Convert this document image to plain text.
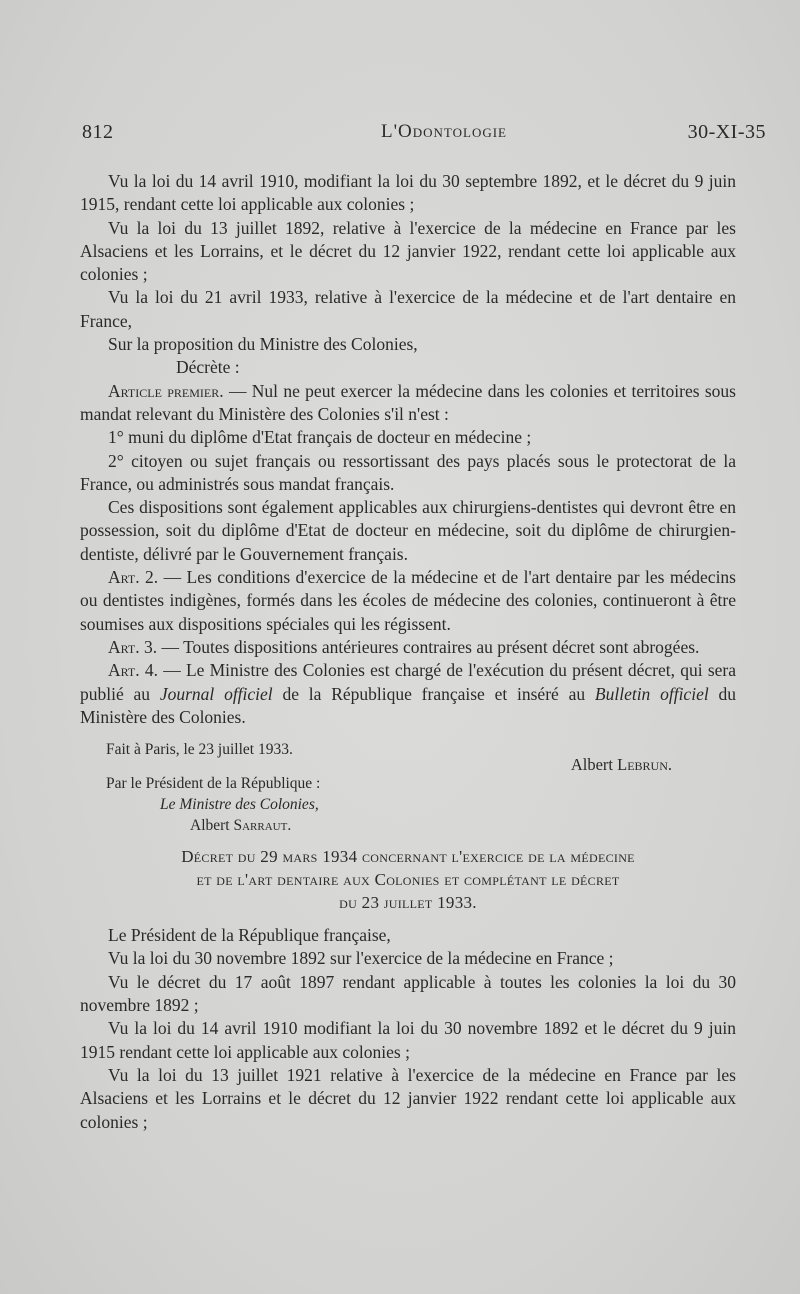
812	L'Odontologie	30-XI-35

Vu la loi du 14 avril 1910, modifiant la loi du 30 septembre 1892, et le décret du 9 juin 1915, rendant cette loi applicable aux colonies ;

Vu la loi du 13 juillet 1892, relative à l'exercice de la médecine en France par les Alsaciens et les Lorrains, et le décret du 12 janvier 1922, rendant cette loi applicable aux colonies ;

Vu la loi du 21 avril 1933, relative à l'exercice de la médecine et de l'art dentaire en France,

Sur la proposition du Ministre des Colonies,

Décrète :

Article premier. — Nul ne peut exercer la médecine dans les colonies et territoires sous mandat relevant du Ministère des Colonies s'il n'est :

1° muni du diplôme d'Etat français de docteur en médecine ;

2° citoyen ou sujet français ou ressortissant des pays placés sous le protectorat de la France, ou administrés sous mandat français.

Ces dispositions sont également applicables aux chirurgiens-dentistes qui devront être en possession, soit du diplôme d'Etat de docteur en médecine, soit du diplôme de chirurgien-dentiste, délivré par le Gouvernement français.

Art. 2. — Les conditions d'exercice de la médecine et de l'art dentaire par les médecins ou dentistes indigènes, formés dans les écoles de médecine des colonies, continueront à être soumises aux dispositions spéciales qui les régissent.

Art. 3. — Toutes dispositions antérieures contraires au présent décret sont abrogées.

Art. 4. — Le Ministre des Colonies est chargé de l'exécution du présent décret, qui sera publié au Journal officiel de la République française et inséré au Bulletin officiel du Ministère des Colonies.

Fait à Paris, le 23 juillet 1933.
Albert Lebrun.
Par le Président de la République :
Le Ministre des Colonies,
Albert Sarraut.
Décret du 29 mars 1934 concernant l'exercice de la médecine
et de l'art dentaire aux Colonies et complétant le décret
du 23 juillet 1933.

Le Président de la République française,

Vu la loi du 30 novembre 1892 sur l'exercice de la médecine en France ;

Vu le décret du 17 août 1897 rendant applicable à toutes les colonies la loi du 30 novembre 1892 ;

Vu la loi du 14 avril 1910 modifiant la loi du 30 novembre 1892 et le décret du 9 juin 1915 rendant cette loi applicable aux colonies ;

Vu la loi du 13 juillet 1921 relative à l'exercice de la médecine en France par les Alsaciens et les Lorrains et le décret du 12 janvier 1922 rendant cette loi applicable aux colonies ;
